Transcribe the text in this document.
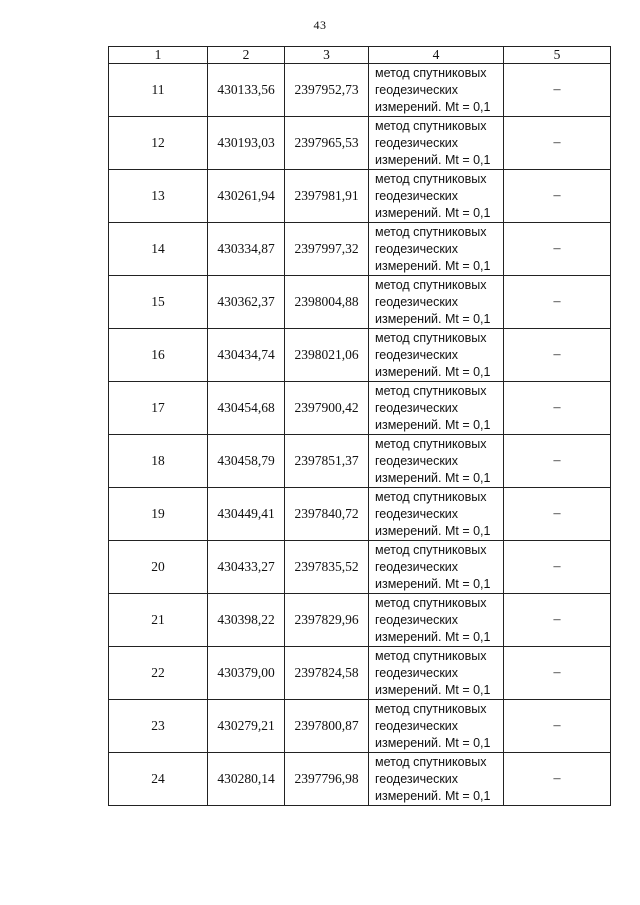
43
1	2	3	4	5
11	430133,56	2397952,73	метод спутниковых
геодезических
измерений. Mt = 0,1	–
12	430193,03	2397965,53	метод спутниковых
геодезических
измерений. Mt = 0,1	–
13	430261,94	2397981,91	метод спутниковых
геодезических
измерений. Mt = 0,1	–
14	430334,87	2397997,32	метод спутниковых
геодезических
измерений. Mt = 0,1	–
15	430362,37	2398004,88	метод спутниковых
геодезических
измерений. Mt = 0,1	–
16	430434,74	2398021,06	метод спутниковых
геодезических
измерений. Mt = 0,1	–
17	430454,68	2397900,42	метод спутниковых
геодезических
измерений. Mt = 0,1	–
18	430458,79	2397851,37	метод спутниковых
геодезических
измерений. Mt = 0,1	–
19	430449,41	2397840,72	метод спутниковых
геодезических
измерений. Mt = 0,1	–
20	430433,27	2397835,52	метод спутниковых
геодезических
измерений. Mt = 0,1	–
21	430398,22	2397829,96	метод спутниковых
геодезических
измерений. Mt = 0,1	–
22	430379,00	2397824,58	метод спутниковых
геодезических
измерений. Mt = 0,1	–
23	430279,21	2397800,87	метод спутниковых
геодезических
измерений. Mt = 0,1	–
24	430280,14	2397796,98	метод спутниковых
геодезических
измерений. Mt = 0,1	–
